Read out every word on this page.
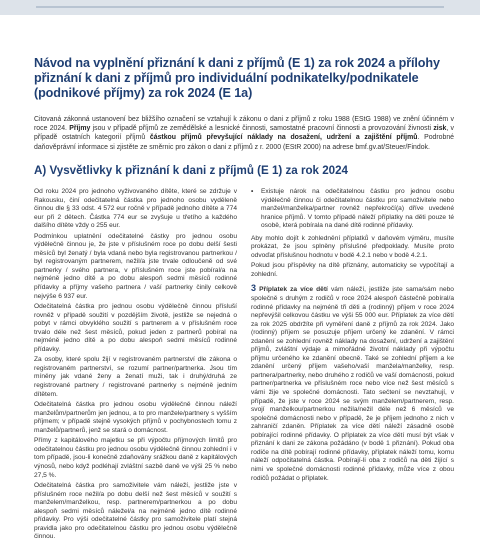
Návod na vyplnění přiznání k dani z příjmů (E 1) za rok 2024 a přílohy přiznání k dani z příjmů pro individuální podnikatelky/podnikatele (podnikové příjmy) za rok 2024 (E 1a)

Citovaná zákonná ustanovení bez bližšího označení se vztahují k zákonu o dani z příjmů z roku 1988 (EStG 1988) ve znění účinném v roce 2024. Příjmy jsou v případě příjmů ze zemědělské a lesnické činnosti, samostatné pracovní činnosti a provozování živnosti zisk, v případě ostatních kategorií příjmů částkou příjmů převyšující náklady na dosažení, udržení a zajištění příjmů. Podrobné daňověprávní informace si zjistěte ze směrnic pro zákon o dani z příjmů z r. 2000 (EStR 2000) na adrese bmf.gv.at/Steuer/Findok.

A) Vysvětlivky k přiznání k dani z příjmů (E 1) za rok 2024

Od roku 2024 pro jednoho vyživovaného dítěte, které se zdržuje v Rakousku, činí odečitatelná částka pro jednoho osobu vyděleně činnou dle § 33 odst. 4 572 eur ročně v případě jednoho dítěte a 774 eur při 2 dětech. Částka 774 eur se zvyšuje u třetího a každého dalšího dítěte vždy o 255 eur.

Podmínkou uplatnění odečitatelné částky pro jednou osobu výdělečně činnou je, že jste v příslušném roce po dobu delší šesti měsíců byl ženatý / byla vdaná nebo byla registrovanou partnerkou / byl registrovaným partnerem, nežil/a jste trvale odloučeně od své partnerky / svého partnera, v příslušném roce jste pobíral/a na nejméně jedno dítě a po dobu alespoň sedmi měsíců rodinné přídavky a příjmy vašeho partnera / vaší partnerky činily celkově nejvýše 6 937 eur.

Odečitatelná částka pro jednou osobu výdělečně činnou přísluší rovněž v případě soužití v pozdějším životě, jestliže se nejedná o pobyt v rámci obvyklého soužití s partnerem a v příslušném roce trvalo déle než šest měsíců, pokud jeden z partnerů pobíral na nejméně jedno dítě a po dobu alespoň sedmi měsíců rodinné přídavky.

Za osoby, které spolu žijí v registrovaném partnerství dle zákona o registrovaném partnerství, se rozumí partner/partnerka. Jsou tím míněny jak vdané ženy a ženatí muži, tak i druhý/druhá ze registrované partnery / registrované partnerky s nejméně jedním dítětem.

Odečitatelná částka pro jednou osobu výdělečně činnou náleží manželům/partnerům jen jednou, a to pro manžele/partnery s vyšším příjmem; v případě stejně vysokých příjmů v pochybnostech tomu z manželů/partnerů, jenž se stará o domácnost.

Přímy z kapitálového majetku se při výpočtu příjmových limitů pro odečitatelnou částku pro jednou osobu výdělečně činnou zohlední i v tom případě, jsou-li konečně zdaňovány srážkou daně z kapitálových výnosů, nebo když podléhají zvláštní sazbě daně ve výši 25 % nebo 27,5 %.

Odečitatelná částka pro samoživitele vám náleží, jestliže jste v příslušném roce nežil/a po dobu delší než šest měsíců v soužití s manželem/manželkou, resp. partnerem/partnerkou a po dobu alespoň sedmi měsíců náležel/a na nejméně jedno dítě rodinné přídavky. Pro výši odečitatelné částky pro samoživitele platí stejná pravidla jako pro odečitatelnou částku pro jednou osobu výdělečně činnou.

•	Existuje nárok na odečitatelnou částku pro jednou osobu výdělečně činnou či odečitatelnou částku pro samoživitele nebo manžel/manželka/partner rovněž nepřekročí(a) dříve uvedené hranice příjmů. V tomto případě náleží příplatky na děti pouze té osobě, která pobírala na dané dítě rodinné přídavky.

Aby mohlo dojít k zohlednění příplatků v daňovém výměru, musíte prokázat, že jsou splněny příslušné předpoklady. Musíte proto odvoďat příslušnou hodnotu v bodě 4.2.1 nebo v bodě 4.2.1.

Pokud jsou příspěvky na dítě přiznány, automaticky se vypočítají a zohlední.

3 Příplatek za více dětí vám náleží, jestliže jste sama/sám nebo společně s druhým z rodičů v roce 2024 alespoň částečně pobíral/a rodinné přídavky na nejméně tři děti a (rodinný) příjem v roce 2024 nepřevýšil celkovou částku ve výši 55 000 eur. Příplatek za více dětí za rok 2025 obdržíte při vyměření daně z příjmů za rok 2024. Jako (rodinný) příjem se posuzuje příjem určený ke zdanění. V rámci zdanění se zohlední rovněž náklady na dosažení, udržení a zajištění příjmů, zvláštní výdaje a mimořádné životní náklady při výpočtu příjmu určeného ke zdanění obecně. Také se zohlední příjem a ke zdanění určený příjem vašeho/vaší manžela/manželky, resp. partnera/partnerky, nebo druhého z rodičů ve vaší domácnosti, pokud partner/partnerka ve příslušném roce nebo více než šest měsíců s vámi žije ve společné domácnosti. Tato sečtení se nevztahují, v případě, že jste v roce 2024 se svým manželem/partnerem, resp. svojí manželkou/partnerkou nežila/nežil déle než 6 měsíců ve společné domácnosti nebo v případě, že je příjem jednoho z nich v zahraničí zdaněn. Příplatek za více dětí náleží zásadně osobě pobírající rodinné přídavky. O příplatek za více dětí musí být však v přiznání k dani ze zákona požádáno (v bodě 1 přiznání). Pokud oba rodiče na dítě pobírají rodinné přídavky, příplatek náleží tomu, komu náleží odpočitatelná částka. Pobírají-li oba z rodičů na děti žijící s nimi ve společné domácnosti rodinné přídavky, může více z obou rodičů požádat o příplatek.
